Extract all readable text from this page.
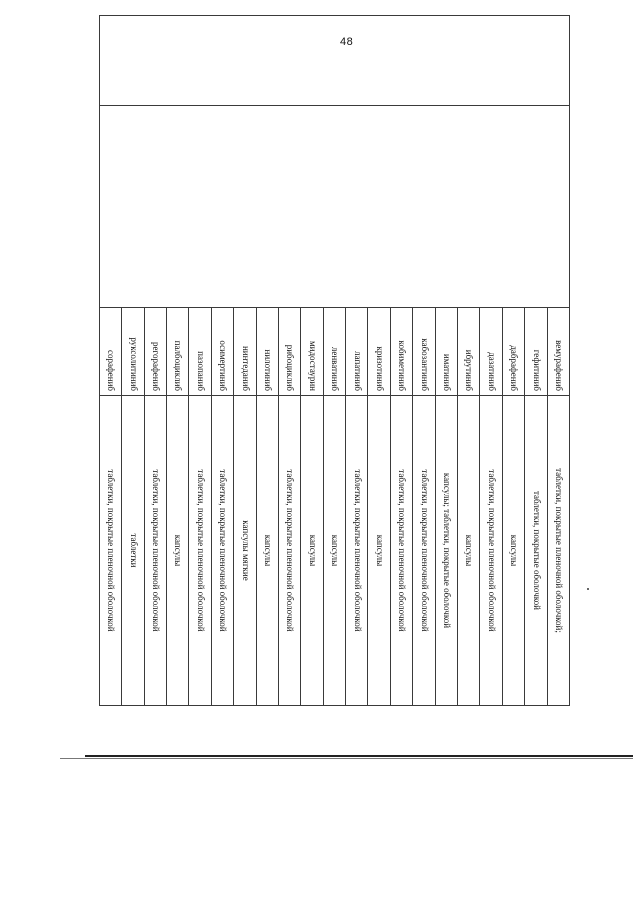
48
		вемурафениб	таблетки, покрытые пленочной оболочкой;
		гефитиниб	таблетки, покрытые оболочкой
		дабрафениб	капсулы
		дазатиниб	таблетки, покрытые пленочной оболочкой
		ибрутиниб	капсулы
		иматиниб	капсулы; таблетки, покрытые оболочкой
		кабозантиниб	таблетки, покрытые пленочной оболочкой
		кобиметиниб	таблетки, покрытые пленочной оболочкой
		кризотиниб	капсулы
		лапатиниб	таблетки, покрытые пленочной оболочкой
		ленватиниб	капсулы
		мидостаурин	капсулы
		рибоциклиб	таблетки, покрытые пленочной оболочкой
		нилотиниб	капсулы
		нинтеданиб	капсулы мягкие
		осимертиниб	таблетки, покрытые пленочной оболочкой
		пазопаниб	таблетки, покрытые пленочной оболочкой
		палбоциклиб	капсулы
		регорафениб	таблетки, покрытые пленочной оболочкой
		руксолитиниб	таблетки
		сорафениб	таблетки, покрытые пленочной оболочкой
